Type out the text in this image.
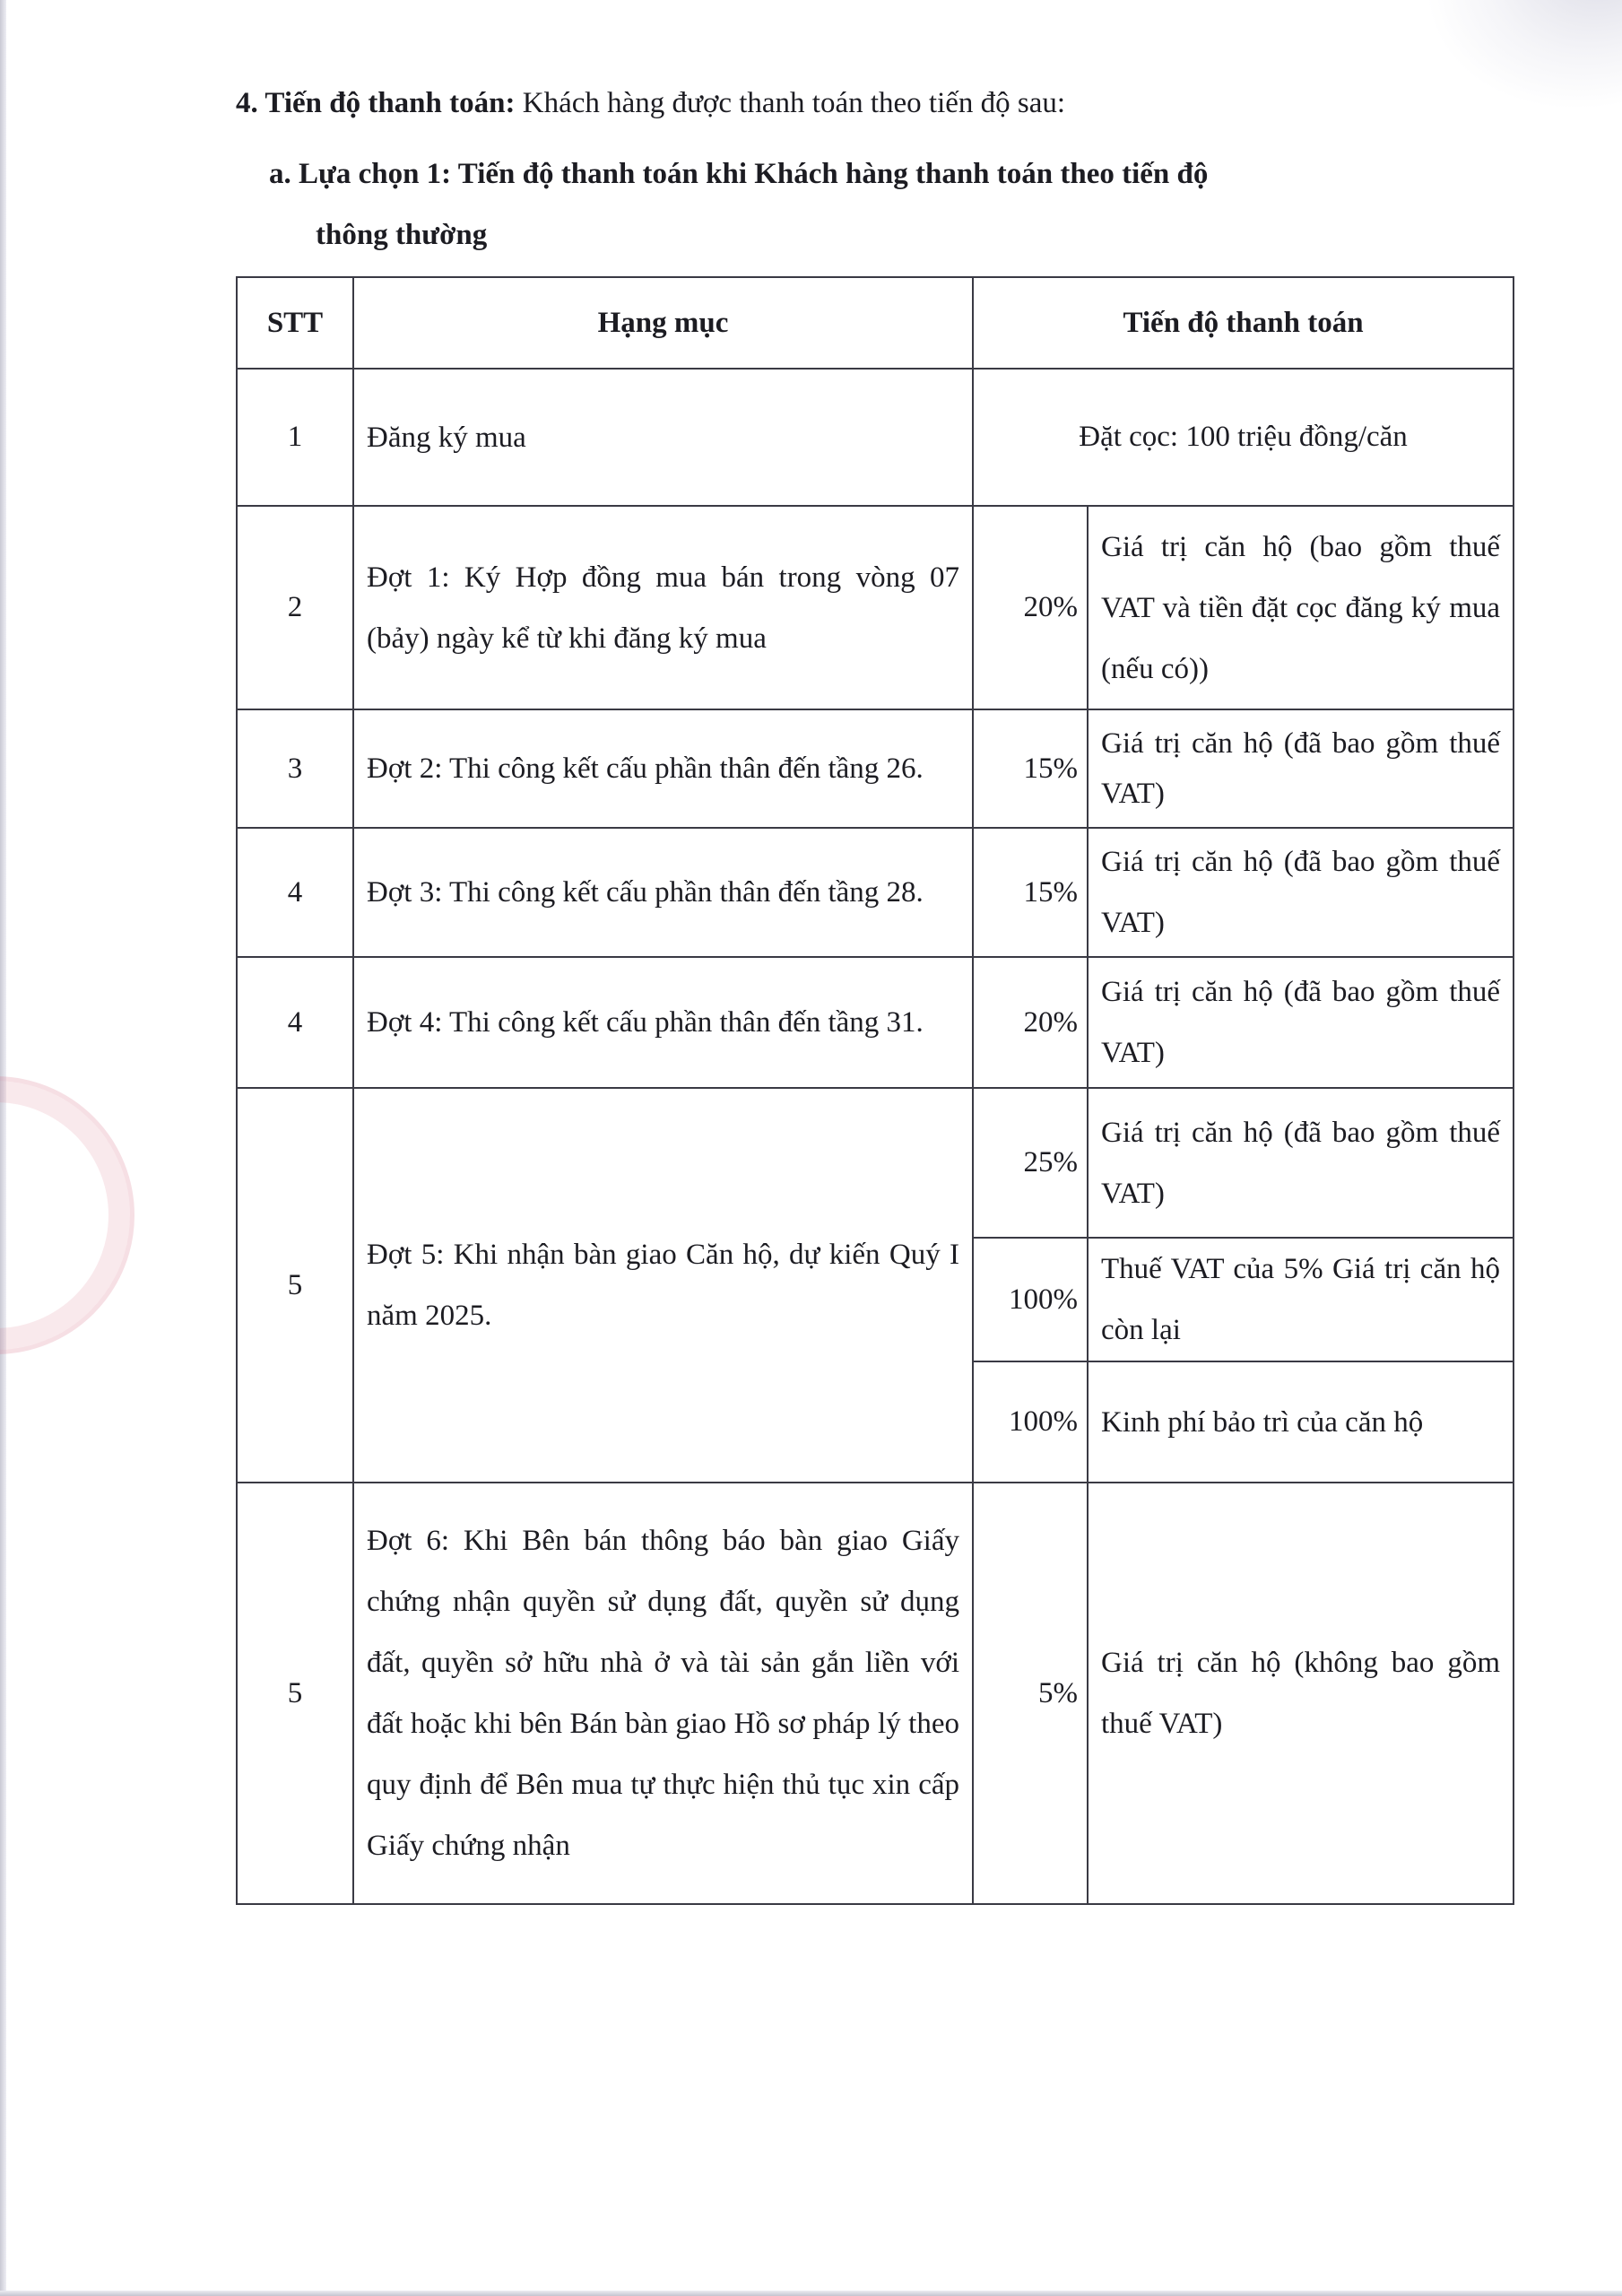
4. Tiến độ thanh toán: Khách hàng được thanh toán theo tiến độ sau:
a. Lựa chọn 1: Tiến độ thanh toán khi Khách hàng thanh toán theo tiến độ
thông thường
STT	Hạng mục	Tiến độ thanh toán	
1	Đăng ký mua	Đặt cọc: 100 triệu đồng/căn	
2	Đợt 1: Ký Hợp đồng mua bán trong vòng 07 (bảy) ngày kể từ khi đăng ký mua	20%	Giá trị căn hộ (bao gồm thuế VAT và tiền đặt cọc đăng ký mua (nếu có))
3	Đợt 2: Thi công kết cấu phần thân đến tầng 26.	15%	Giá trị căn hộ (đã bao gồm thuế VAT)
4	Đợt 3: Thi công kết cấu phần thân đến tầng 28.	15%	Giá trị căn hộ (đã bao gồm thuế VAT)
4	Đợt 4: Thi công kết cấu phần thân đến tầng 31.	20%	Giá trị căn hộ (đã bao gồm thuế VAT)
5	Đợt 5: Khi nhận bàn giao Căn hộ, dự kiến Quý I năm 2025.	25%	Giá trị căn hộ (đã bao gồm thuế VAT)
		100%	Thuế VAT của 5% Giá trị căn hộ còn lại
		100%	Kinh phí bảo trì của căn hộ
5	Đợt 6: Khi Bên bán thông báo bàn giao Giấy chứng nhận quyền sử dụng đất, quyền sử dụng đất, quyền sở hữu nhà ở và tài sản gắn liền với đất hoặc khi bên Bán bàn giao Hồ sơ pháp lý theo quy định để Bên mua tự thực hiện thủ tục xin cấp Giấy chứng nhận	5%	Giá trị căn hộ (không bao gồm thuế VAT)
